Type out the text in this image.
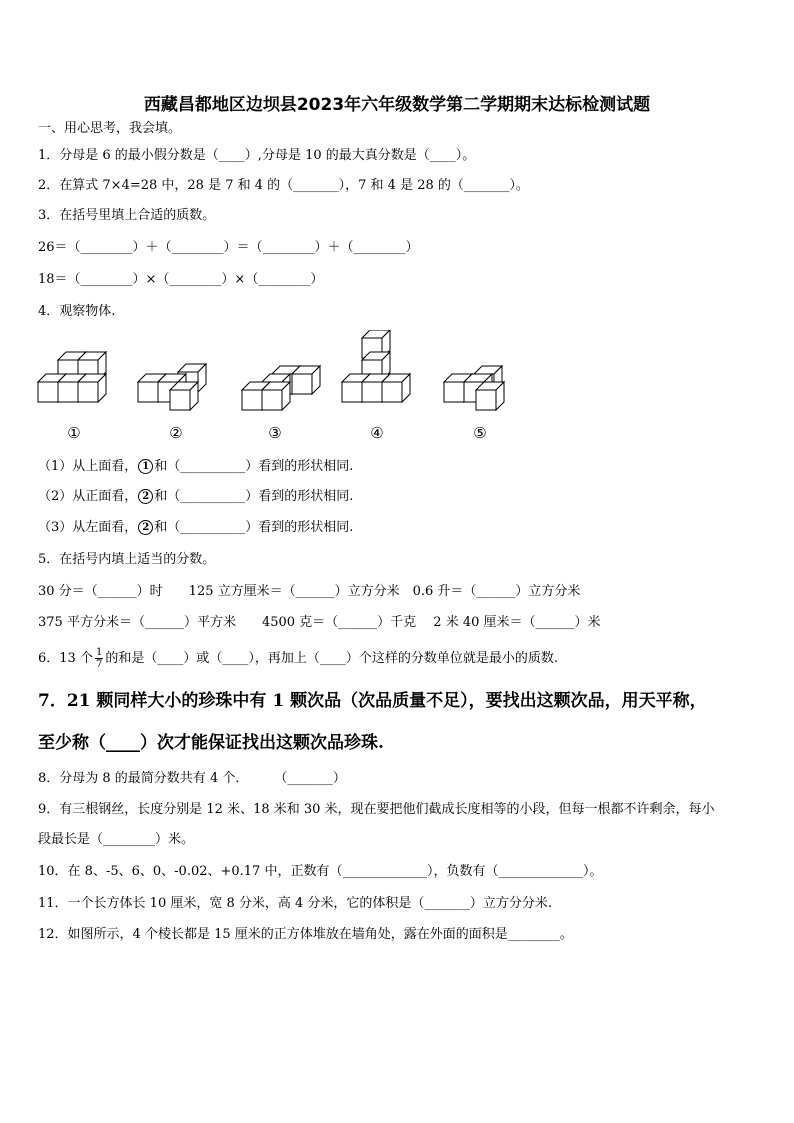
西藏昌都地区边坝县2023年六年级数学第二学期期末达标检测试题
一、用心思考，我会填。
1．分母是 6 的最小假分数是（____）,分母是 10 的最大真分数是（____）。
2．在算式 7×4=28 中，28 是 7 和 4 的（_______），7 和 4 是 28 的（_______）。
3．在括号里填上合适的质数。
26＝（________）＋（________）＝（________）＋（________）
18＝（________）×（________）×（________）
4．观察物体.
①	②	③	④	⑤
（1）从上面看， 1 和（__________）看到的形状相同.
（2）从正面看， 2 和（__________）看到的形状相同.
（3）从左面看， 2 和（__________）看到的形状相同.
5．在括号内填上适当的分数。
30 分＝（______）时　　125 立方厘米＝（______）立方分米　0.6 升＝（______）立方分米
375 平方分米＝（______）平方米　　4500 克＝（______）千克　 2 米 40 厘米＝（______）米
6．13 个 $\frac{1}{7}$ 的和是（____）或（____），再加上（____）个这样的分数单位就是最小的质数.
7．21 颗同样大小的珍珠中有 1 颗次品（次品质量不足），要找出这颗次品，用天平称，
至少称（____）次才能保证找出这颗次品珍珠.
8．分母为 8 的最简分数共有 4 个．　　　（_______）
9．有三根钢丝，长度分别是 12 米、18 米和 30 米，现在要把他们截成长度相等的小段，但每一根都不许剩余，每小
段最长是（________）米。
10．在 8、-5、6、0、-0.02、+0.17 中，正数有（_____________），负数有（_____________）。
11．一个长方体长 10 厘米，宽 8 分米，高 4 分米，它的体积是（_______）立方分分米.
12．如图所示，4 个棱长都是 15 厘米的正方体堆放在墙角处，露在外面的面积是________。
